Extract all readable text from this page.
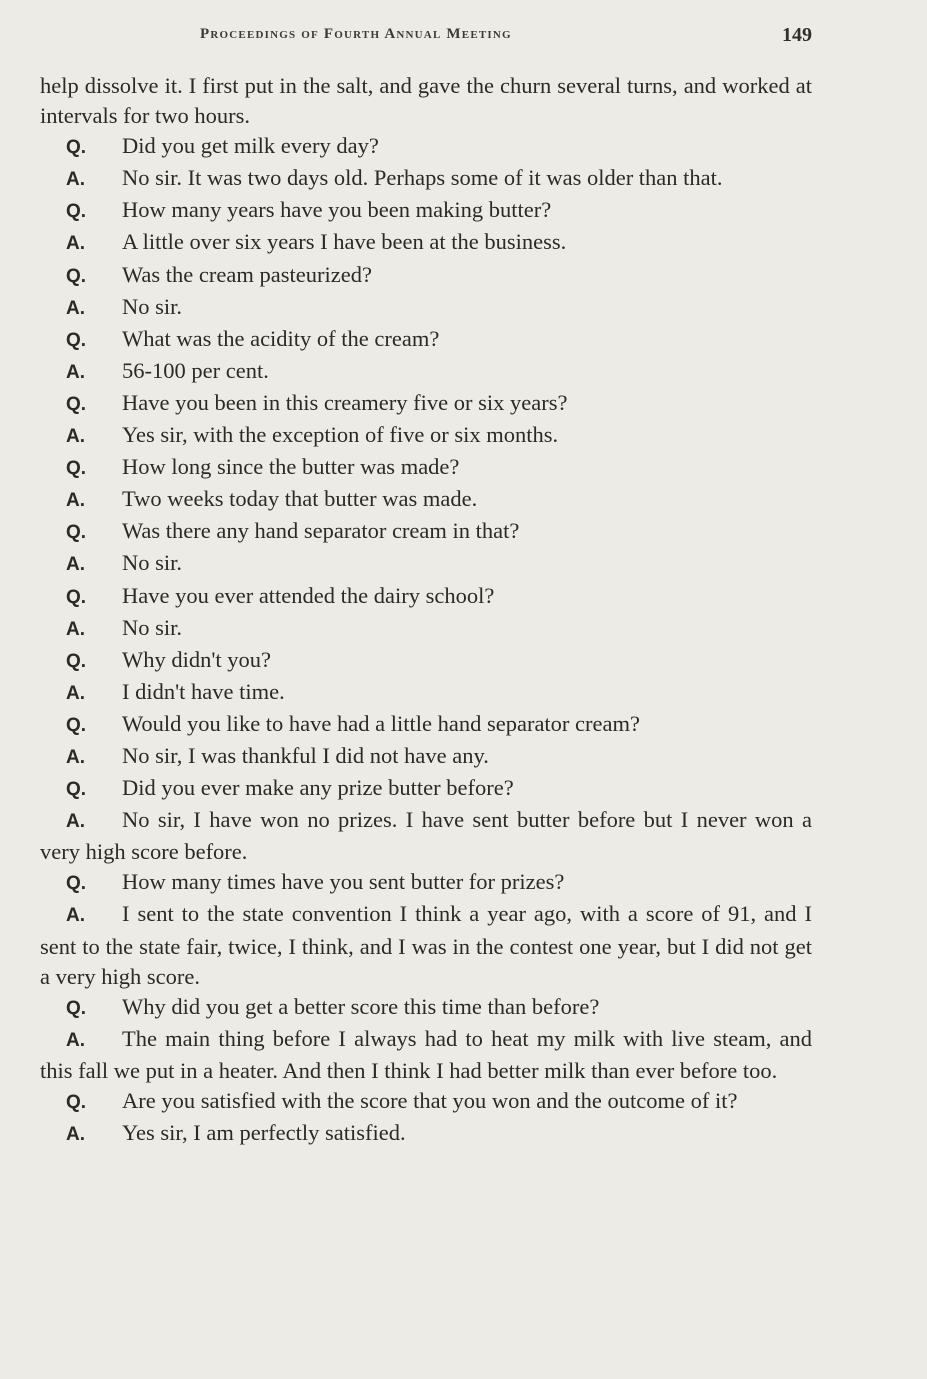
Proceedings of Fourth Annual Meeting	149

help dissolve it. I first put in the salt, and gave the churn several turns, and worked at intervals for two hours.

Q. Did you get milk every day?

A. No sir. It was two days old. Perhaps some of it was older than that.

Q. How many years have you been making butter?

A. A little over six years I have been at the business.

Q. Was the cream pasteurized?

A. No sir.

Q. What was the acidity of the cream?

A. 56-100 per cent.

Q. Have you been in this creamery five or six years?

A. Yes sir, with the exception of five or six months.

Q. How long since the butter was made?

A. Two weeks today that butter was made.

Q. Was there any hand separator cream in that?

A. No sir.

Q. Have you ever attended the dairy school?

A. No sir.

Q. Why didn't you?

A. I didn't have time.

Q. Would you like to have had a little hand separator cream?

A. No sir, I was thankful I did not have any.

Q. Did you ever make any prize butter before?

A. No sir, I have won no prizes. I have sent butter before but I never won a very high score before.

Q. How many times have you sent butter for prizes?

A. I sent to the state convention I think a year ago, with a score of 91, and I sent to the state fair, twice, I think, and I was in the contest one year, but I did not get a very high score.

Q. Why did you get a better score this time than before?

A. The main thing before I always had to heat my milk with live steam, and this fall we put in a heater. And then I think I had better milk than ever before too.

Q. Are you satisfied with the score that you won and the outcome of it?

A. Yes sir, I am perfectly satisfied.
